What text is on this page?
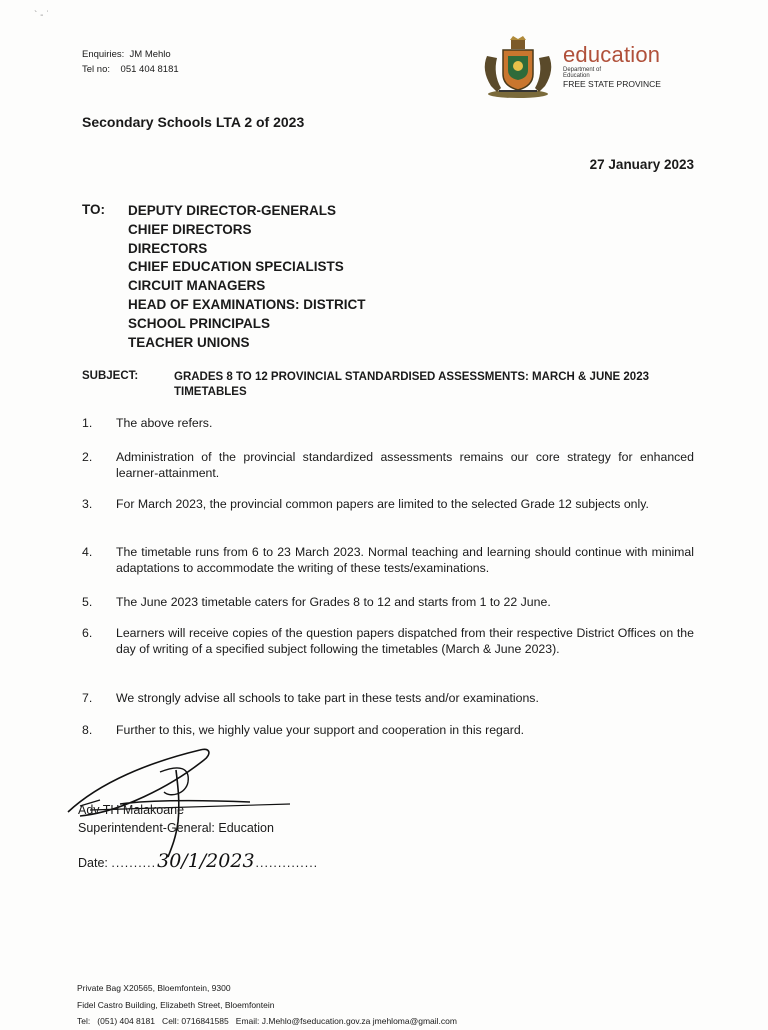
` ‑ ˙
Enquiries:  JM Mehlo
Tel no:    051 404 8181
education
Department of
Education
FREE STATE PROVINCE
Secondary Schools LTA 2 of 2023
27 January 2023
TO: DEPUTY DIRECTOR-GENERALS
CHIEF DIRECTORS
DIRECTORS
CHIEF EDUCATION SPECIALISTS
CIRCUIT MANAGERS
HEAD OF EXAMINATIONS: DISTRICT
SCHOOL PRINCIPALS
TEACHER UNIONS
SUBJECT:	GRADES 8 TO 12 PROVINCIAL STANDARDISED ASSESSMENTS: MARCH & JUNE 2023 TIMETABLES
1. The above refers.
2. Administration of the provincial standardized assessments remains our core strategy for enhanced learner-attainment.
3. For March 2023, the provincial common papers are limited to the selected Grade 12 subjects only.
4. The timetable runs from 6 to 23 March 2023. Normal teaching and learning should continue with minimal adaptations to accommodate the writing of these tests/examinations.
5. The June 2023 timetable caters for Grades 8 to 12 and starts from 1 to 22 June.
6. Learners will receive copies of the question papers dispatched from their respective District Offices on the day of writing of a specified subject following the timetables (March & June 2023).
7. We strongly advise all schools to take part in these tests and/or examinations.
8. Further to this, we highly value your support and cooperation in this regard.
Adv TH Malakoane
Superintendent-General: Education
Date: ..........30/1/2023..............
Private Bag X20565, Bloemfontein, 9300
Fidel Castro Building, Elizabeth Street, Bloemfontein
Tel:   (051) 404 8181   Cell: 0716841585   Email: J.Mehlo@fseducation.gov.za jmehloma@gmail.com
